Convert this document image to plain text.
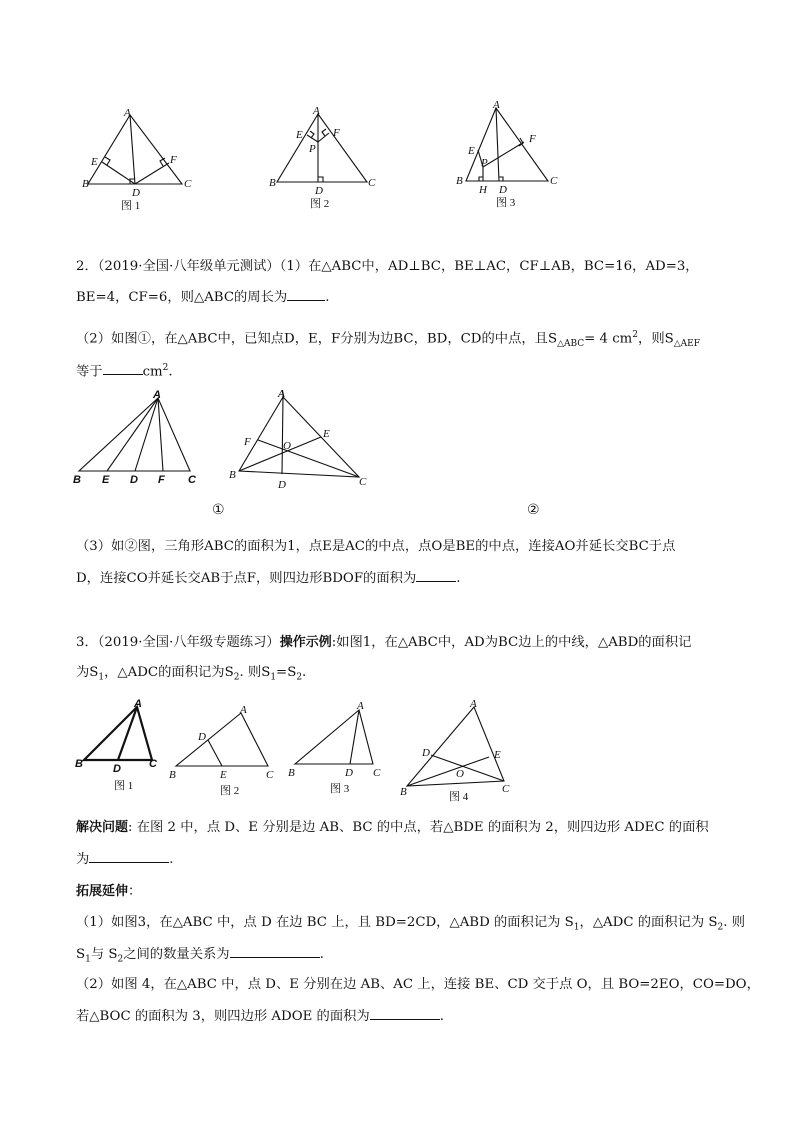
A
E	F
B
D
C
图 1
A
E	F
P
B
D
C
图 2
A
F
E
P
B
H D
C
图 3
2．（2019·全国·八年级单元测试）（1）在△ABC中，AD⊥BC，BE⊥AC，CF⊥AB，BC=16，AD=3，
BE=4，CF=6，则△ABC的周长为	.
（2）如图①，在△ABC中，已知点D，E，F分别为边BC，BD，CD的中点，且$S_{\triangle ABC}= 4$ $cm^2$，则$S_{\triangle AEF}$
等于	$cm^2$.
A
B E D F C
A
F	O
E
B
D	C
①	②
（3）如②图，三角形ABC的面积为1，点E是AC的中点，点O是BE的中点，连接AO并延长交BC于点
D，连接CO并延长交AB于点F，则四边形BDOF的面积为	.
3．（2019·全国·八年级专题练习）操作示例:如图1，在△ABC中，AD为BC边上的中线，△ABD的面积记
为$S_1$，△ADC的面积记为$S_2$. 则$S_1=S_2$.
A
B	D	C
图 1
A
D
B	E	C
图 2
A
B	D C
图 3
A
D	E
O
B	C
图 4
解决问题: 在图 2 中，点 D、E 分别是边 AB、BC 的中点，若△BDE 的面积为 2，则四边形 ADEC 的面积
为	.
拓展延伸：
（1）如图3，在△ABC 中，点 D 在边 BC 上，且 BD=2CD，△ABD 的面积记为 $S_1$，△ADC 的面积记为 $S_2$. 则
$S_1$与 $S_2$之间的数量关系为	.
（2）如图 4，在△ABC 中，点 D、E 分别在边 AB、AC 上，连接 BE、CD 交于点 O，且 BO=2EO，CO=DO，
若△BOC 的面积为 3，则四边形 ADOE 的面积为	.
